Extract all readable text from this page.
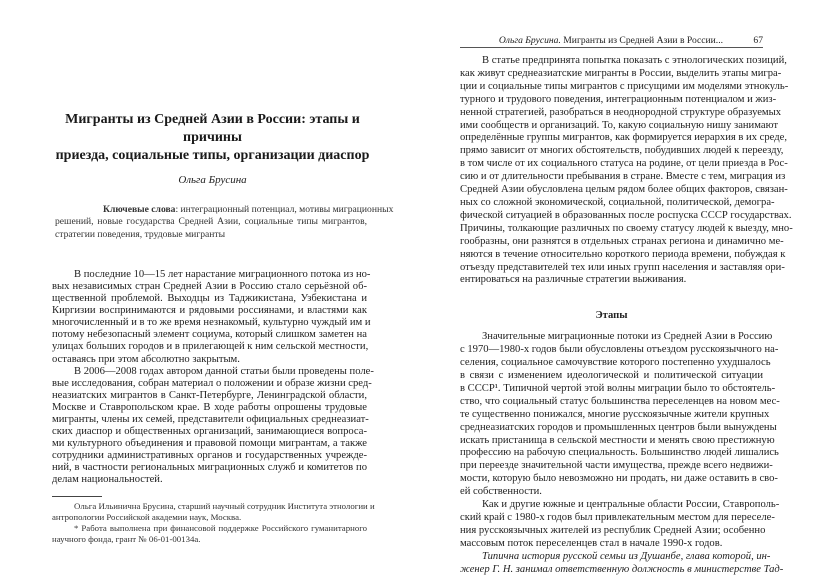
Мигранты из Средней Азии в России: этапы и причины
приезда, социальные типы, организации диаспор
Ольга Брусина
Ключевые слова: интеграционный потенциал, мотивы миграционных
решений, новые государства Средней Азии, социальные типы мигрантов,
стратегии поведения, трудовые мигранты
В последние 10—15 лет нарастание миграционного потока из но-
вых независимых стран Средней Азии в Россию стало серьёзной об-
щественной проблемой. Выходцы из Таджикистана, Узбекистана и
Киргизии воспринимаются и рядовыми россиянами, и властями как
многочисленный и в то же время незнакомый, культурно чуждый им и
потому небезопасный элемент социума, который слишком заметен на
улицах больших городов и в прилегающей к ним сельской местности,
оставаясь при этом абсолютно закрытым.
В 2006—2008 годах автором данной статьи были проведены поле-
вые исследования, собран материал о положении и образе жизни сред-
неазиатских мигрантов в Санкт-Петербурге, Ленинградской области,
Москве и Ставропольском крае. В ходе работы опрошены трудовые
мигранты, члены их семей, представители официальных среднеазиат-
ских диаспор и общественных организаций, занимающиеся вопроса-
ми культурного объединения и правовой помощи мигрантам, а также
сотрудники административных органов и государственных учрежде-
ний, в частности региональных миграционных служб и комитетов по
делам национальностей.
Ольга Ильинична Брусина, старший научный сотрудник Института этнологии и
антропологии Российской академии наук, Москва.
* Работа выполнена при финансовой поддержке Российского гуманитарного
научного фонда, грант № 06-01-00134а.
Ольга Брусина. Мигранты из Средней Азии в России...	67
В статье предпринята попытка показать с этнологических позиций,
как живут среднеазиатские мигранты в России, выделить этапы мигра-
ции и социальные типы мигрантов с присущими им моделями этнокуль-
турного и трудового поведения, интеграционным потенциалом и жиз-
ненной стратегией, разобраться в неоднородной структуре образуемых
ими сообществ и организаций. То, какую социальную нишу занимают
определённые группы мигрантов, как формируется иерархия в их среде,
прямо зависит от многих обстоятельств, побудивших людей к переезду,
в том числе от их социального статуса на родине, от цели приезда в Рос-
сию и от длительности пребывания в стране. Вместе с тем, миграция из
Средней Азии обусловлена целым рядом более общих факторов, связан-
ных со сложной экономической, социальной, политической, демогра-
фической ситуацией в образованных после роспуска СССР государствах.
Причины, толкающие различных по своему статусу людей к выезду, мно-
гообразны, они разнятся в отдельных странах региона и динамично ме-
няются в течение относительно короткого периода времени, побуждая к
отъезду представителей тех или иных групп населения и заставляя ори-
ентироваться на различные стратегии выживания.
Этапы
Значительные миграционные потоки из Средней Азии в Россию
с 1970—1980-х годов были обусловлены отъездом русскоязычного на-
селения, социальное самочувствие которого постепенно ухудшалось
в связи с изменением идеологической и политической ситуации
в СССР¹. Типичной чертой этой волны миграции было то обстоятель-
ство, что социальный статус большинства переселенцев на новом мес-
те существенно понижался, многие русскоязычные жители крупных
среднеазиатских городов и промышленных центров были вынуждены
искать пристанища в сельской местности и менять свою престижную
профессию на рабочую специальность. Большинство людей лишались
при переезде значительной части имущества, прежде всего недвижи-
мости, которую было невозможно ни продать, ни даже оставить в сво-
ей собственности.
Как и другие южные и центральные области России, Ставрополь-
ский край с 1980-х годов был привлекательным местом для переселе-
ния русскоязычных жителей из республик Средней Азии; особенно
массовым поток переселенцев стал в начале 1990-х годов.
Типична история русской семьи из Душанбе, глава которой, ин-
женер Г. Н. занимал ответственную должность в министерстве Тад-
